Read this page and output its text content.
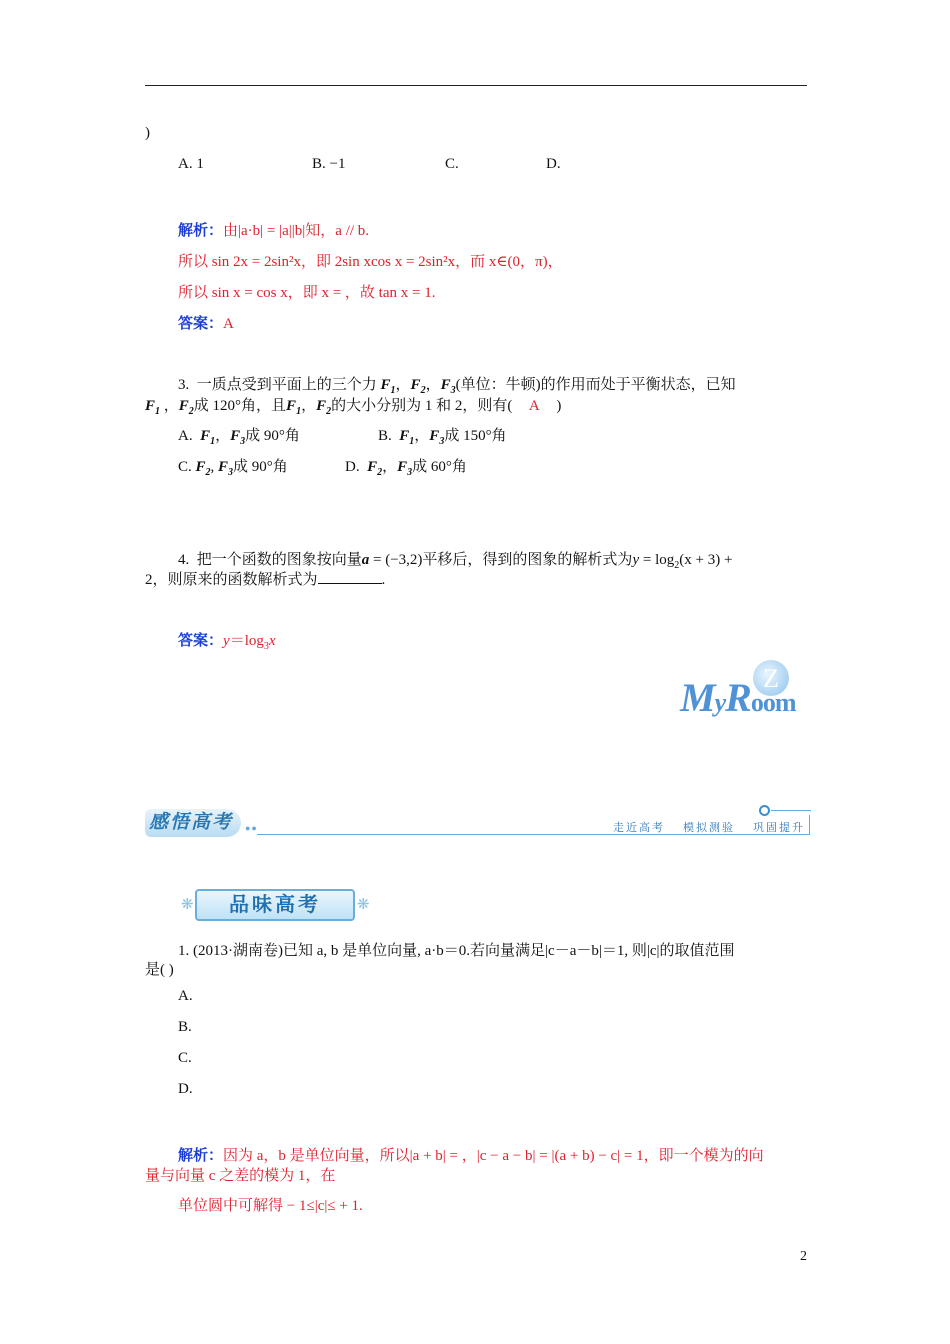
)
A. 1	B. −1	C.	D.
解析：由|a·b| = |a||b|知，a // b.
所以 sin 2x = 2sin²x，即 2sin xcos x = 2sin²x，而 x∈(0，π)，
所以 sin x = cos x，即 x = ，故 tan x = 1.
答案：A
3. 一质点受到平面上的三个力 $F_1$，$F_2$，$F_3$(单位：牛顿)的作用而处于平衡状态，已知
$F_1$ ，$F_2$成 120°角，且$F_1$，$F_2$的大小分别为 1 和 2，则有( A )
A. $F_1$，$F_3$成 90°角	B. $F_1$，$F_3$成 150°角
C. $F_2$, $F_3$成 90°角	D. $F_2$，$F_3$成 60°角
4. 把一个函数的图象按向量a = (−3,2)平移后，得到的图象的解析式为$y = \log_2(x + 3)$ +
2，则原来的函数解析式为	.
答案：$y=\log_3x$
Z
MyRoom
感悟高考	●●	走近高考 模拟测验 巩固提升
❋	品味高考	❋
1. (2013·湖南卷)已知 a, b 是单位向量, a·b＝0.若向量满足|c－a－b|＝1, 则|c|的取值范围
是( )
A.
B.
C.
D.
解析：因为 a，b 是单位向量，所以|a + b| = ，|c − a − b| = |(a + b) − c| = 1，即一个模为的向
量与向量 c 之差的模为 1，在
单位圆中可解得 − 1≤|c|≤ + 1.
2
